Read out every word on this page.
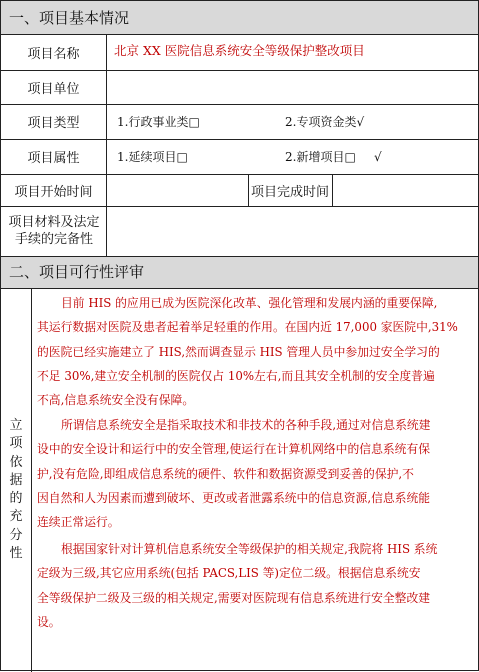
一、项目基本情况
项目名称	北京 XX 医院信息系统安全等级保护整改项目
项目单位
项目类型	1.行政事业类□	2.专项资金类√
项目属性	1.延续项目□	2.新增项目□ √
项目开始时间	项目完成时间
项目材料及法定手续的完备性
二、项目可行性评审
立
项
依
据
的
充
分
性
目前 HIS 的应用已成为医院深化改革、强化管理和发展内涵的重要保障,
其运行数据对医院及患者起着举足轻重的作用。在国内近 17,000 家医院中,31%
的医院已经实施建立了 HIS,然而调查显示 HIS 管理人员中参加过安全学习的
不足 30%,建立安全机制的医院仅占 10%左右,而且其安全机制的安全度普遍
不高,信息系统安全没有保障。
所谓信息系统安全是指采取技术和非技术的各种手段,通过对信息系统建
设中的安全设计和运行中的安全管理,使运行在计算机网络中的信息系统有保
护,没有危险,即组成信息系统的硬件、软件和数据资源受到妥善的保护,不
因自然和人为因素而遭到破坏、更改或者泄露系统中的信息资源,信息系统能
连续正常运行。
根据国家针对计算机信息系统安全等级保护的相关规定,我院将 HIS 系统
定级为三级,其它应用系统(包括 PACS,LIS 等)定位二级。根据信息系统安
全等级保护二级及三级的相关规定,需要对医院现有信息系统进行安全整改建
设。
